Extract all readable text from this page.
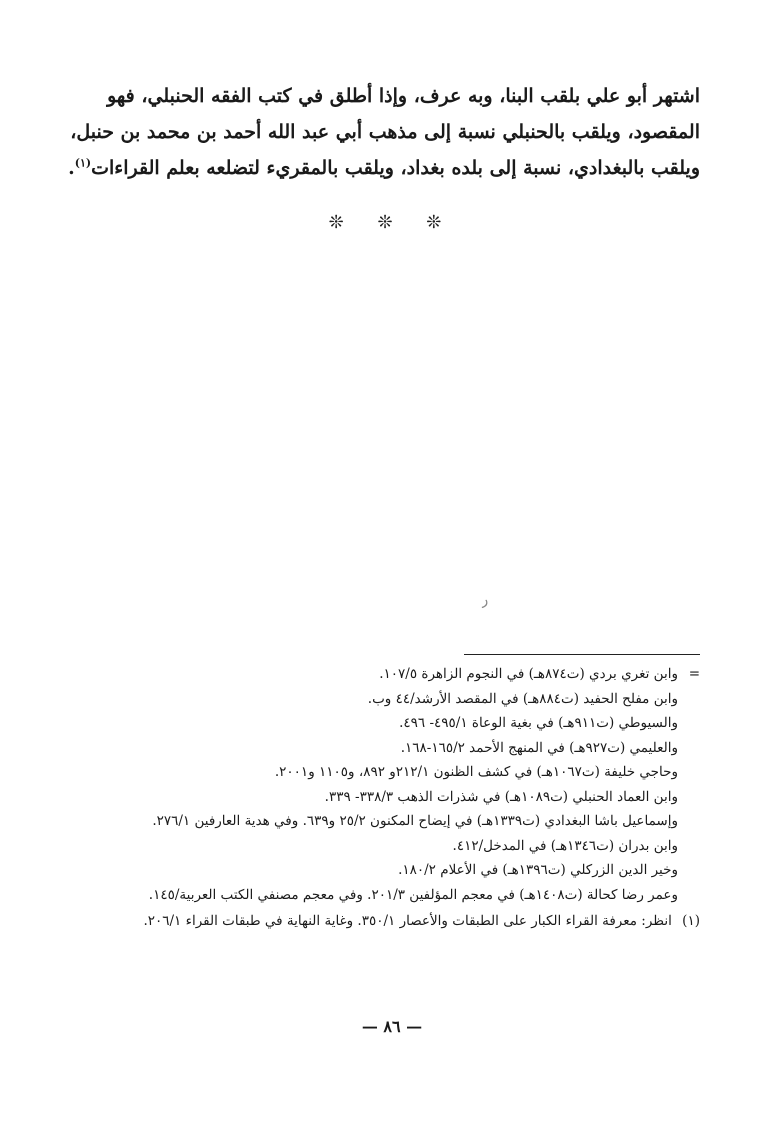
اشتهر أبو علي بلقب البنا، وبه عرف، وإذا أطلق في كتب الفقه الحنبلي، فهو
المقصود، ويلقب بالحنبلي نسبة إلى مذهب أبي عبد الله أحمد بن محمد بن حنبل،
ويلقب بالبغدادي، نسبة إلى بلده بغداد، ويلقب بالمقريء لتضلعه بعلم القراءات$^{(١)}$.
❊ ❊ ❊
ر
=
وابن تغري بردي (ت٨٧٤هـ) في النجوم الزاهرة ١٠٧/٥.
وابن مفلح الحفيد (ت٨٨٤هـ) في المقصد الأرشد/٤٤ وب.
والسيوطي (ت٩١١هـ) في بغية الوعاة ٤٩٥/١- ٤٩٦.
والعليمي (ت٩٢٧هـ) في المنهج الأحمد ١٦٥/٢-١٦٨.
وحاجي خليفة (ت١٠٦٧هـ) في كشف الظنون ٢١٢/١و ٨٩٢، و١١٠٥ و٢٠٠١.
وابن العماد الحنبلي (ت١٠٨٩هـ) في شذرات الذهب ٣٣٨/٣- ٣٣٩.
وإسماعيل باشا البغدادي (ت١٣٣٩هـ) في إيضاح المكنون ٢٥/٢ و٦٣٩. وفي هدية العارفين ٢٧٦/١.
وابن بدران (ت١٣٤٦هـ) في المدخل/٤١٢.
وخير الدين الزركلي (ت١٣٩٦هـ) في الأعلام ١٨٠/٢.
وعمر رضا كحالة (ت١٤٠٨هـ) في معجم المؤلفين ٢٠١/٣. وفي معجم مصنفي الكتب العربية/١٤٥.
(١) انظر: معرفة القراء الكبار على الطبقات والأعصار ٣٥٠/١. وغاية النهاية في طبقات القراء ٢٠٦/١.
— ٨٦ —
